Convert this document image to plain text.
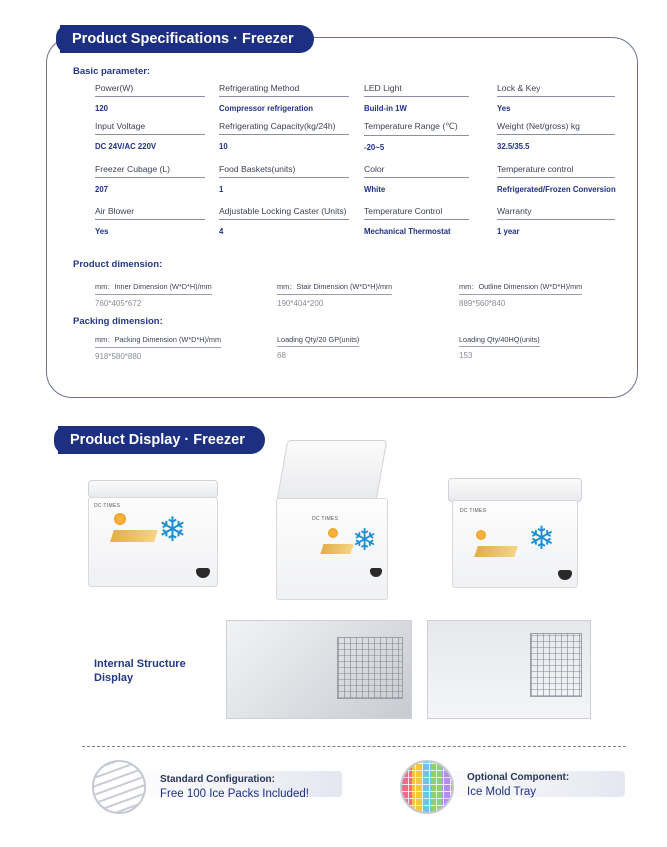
Product Specifications · Freezer
Basic parameter:
Power(W)
120
Refrigerating Method
Compressor refrigeration
LED Light
Build-in 1W
Lock & Key
Yes
Input Voltage
DC 24V/AC 220V
Refrigerating Capacity(kg/24h)
10
Temperature Range (℃)
-20~5
Weight (Net/gross) kg
32.5/35.5
Freezer Cubage (L)
207
Food Baskets(units)
1
Color
White
Temperature control
Refrigerated/Frozen Conversion
Air Blower
Yes
Adjustable Locking Caster (Units)
4
Temperature Control
Mechanical Thermostat
Warranty
1 year
Product dimension:
mm：Inner Dimension (W*D*H)/mm
760*405*672
mm：Stair Dimension (W*D*H)/mm
190*404*200
mm：Outline Dimension (W*D*H)/mm
889*560*840
Packing dimension:
mm：Packing Dimension (W*D*H)/mm
918*580*880
Loading Qty/20 GP(units)
68
Loading Qty/40HQ(units)
153
Product Display · Freezer
DC TIMES
❄	DC TIMES
❄
DC TIMES
❄
Internal Structure
Display
Standard Configuration:
Free 100 Ice Packs Included!
Optional Component:
Ice Mold Tray
